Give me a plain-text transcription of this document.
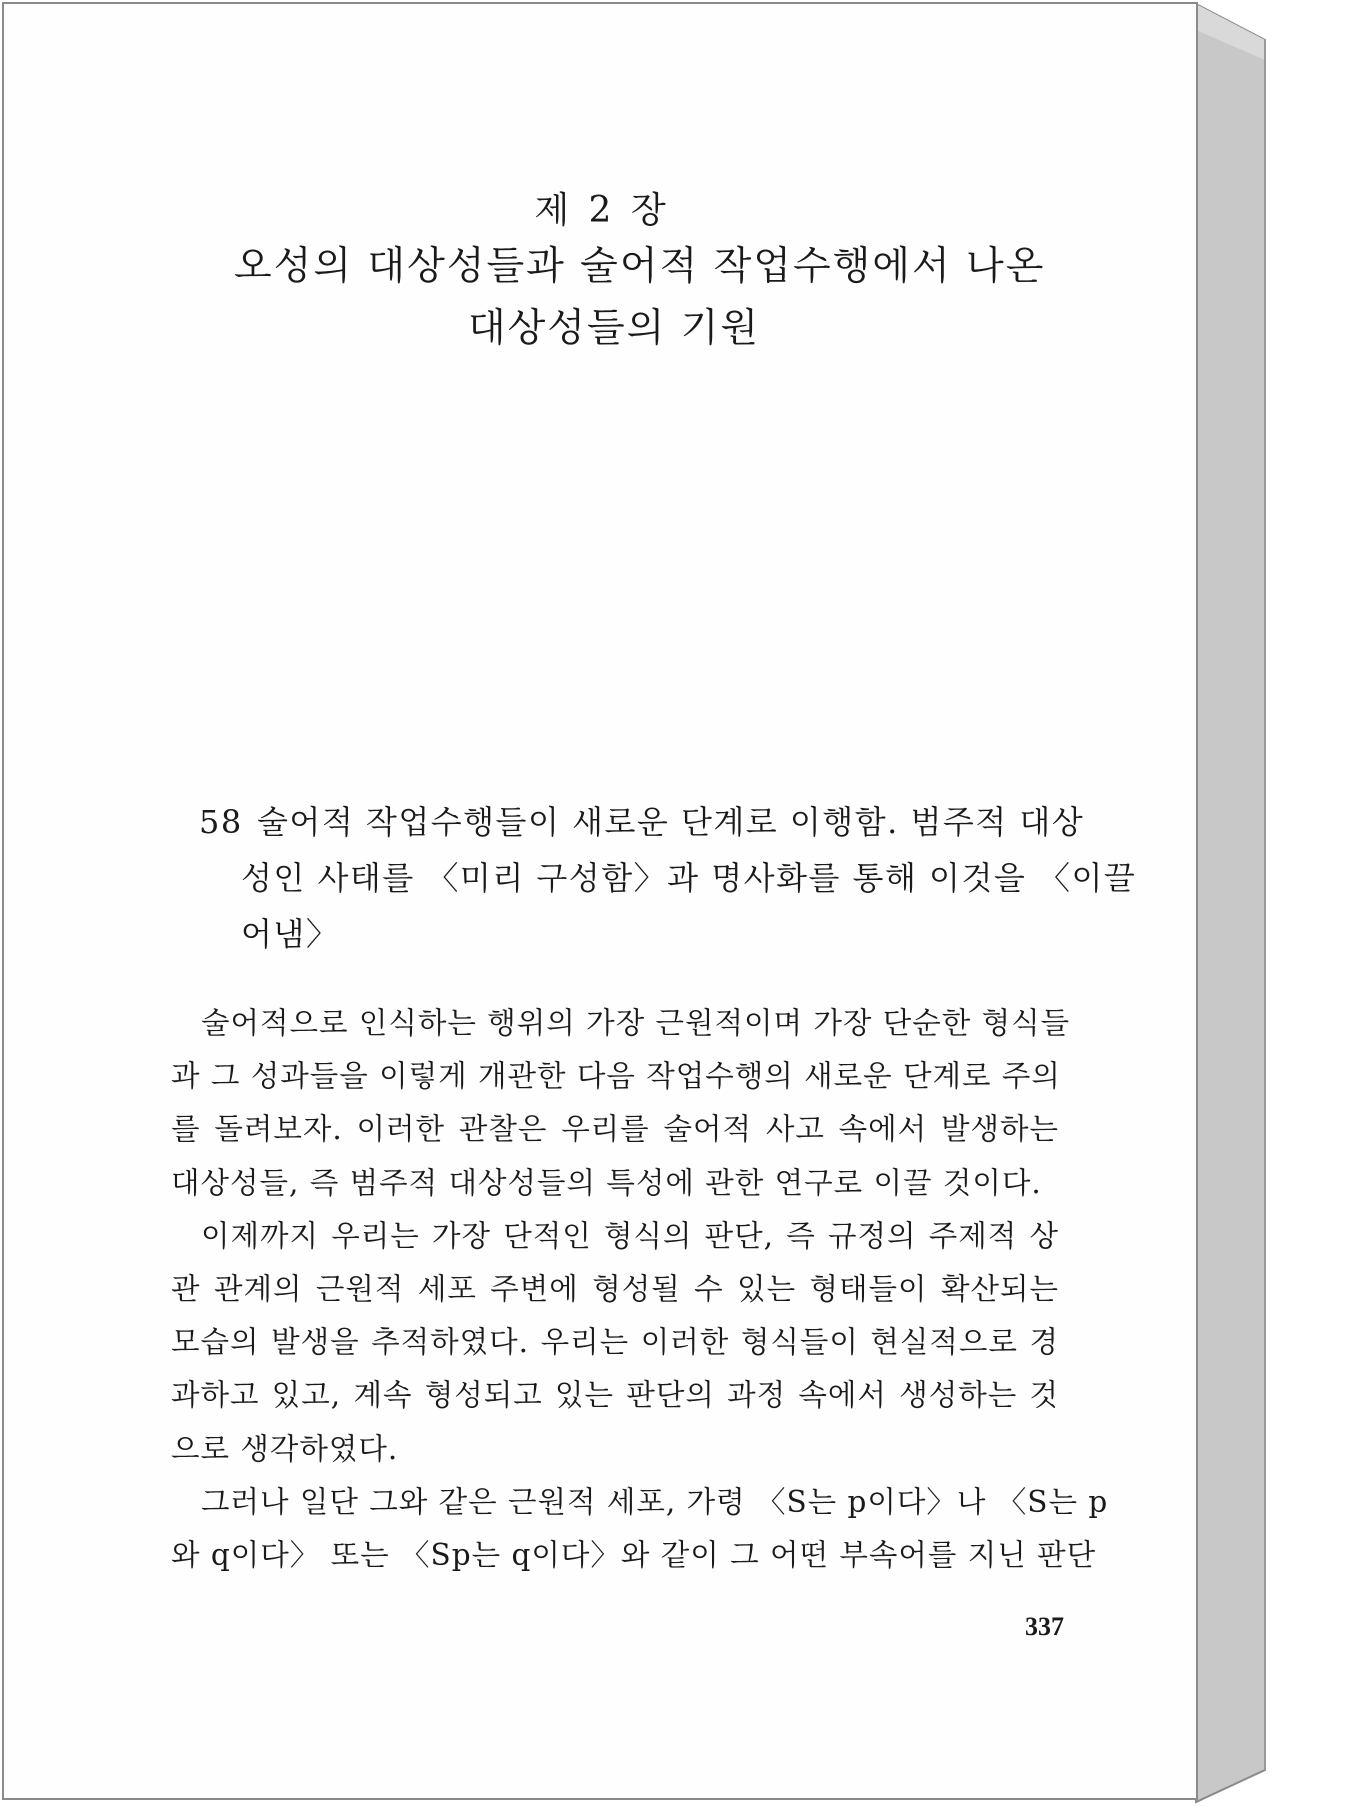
제 2 장
오성의 대상성들과 술어적 작업수행에서 나온
대상성들의 기원
58 술어적 작업수행들이 새로운 단계로 이행함. 범주적 대상
성인 사태를 〈미리 구성함〉과 명사화를 통해 이것을 〈이끌
어냄〉

술어적으로 인식하는 행위의 가장 근원적이며 가장 단순한 형식들
과 그 성과들을 이렇게 개관한 다음 작업수행의 새로운 단계로 주의
를 돌려보자. 이러한 관찰은 우리를 술어적 사고 속에서 발생하는
대상성들, 즉 범주적 대상성들의 특성에 관한 연구로 이끌 것이다.

이제까지 우리는 가장 단적인 형식의 판단, 즉 규정의 주제적 상
관 관계의 근원적 세포 주변에 형성될 수 있는 형태들이 확산되는
모습의 발생을 추적하였다. 우리는 이러한 형식들이 현실적으로 경
과하고 있고, 계속 형성되고 있는 판단의 과정 속에서 생성하는 것
으로 생각하였다.

그러나 일단 그와 같은 근원적 세포, 가령 〈S는 p이다〉나 〈S는 p
와 q이다〉 또는 〈Sp는 q이다〉와 같이 그 어떤 부속어를 지닌 판단

337
